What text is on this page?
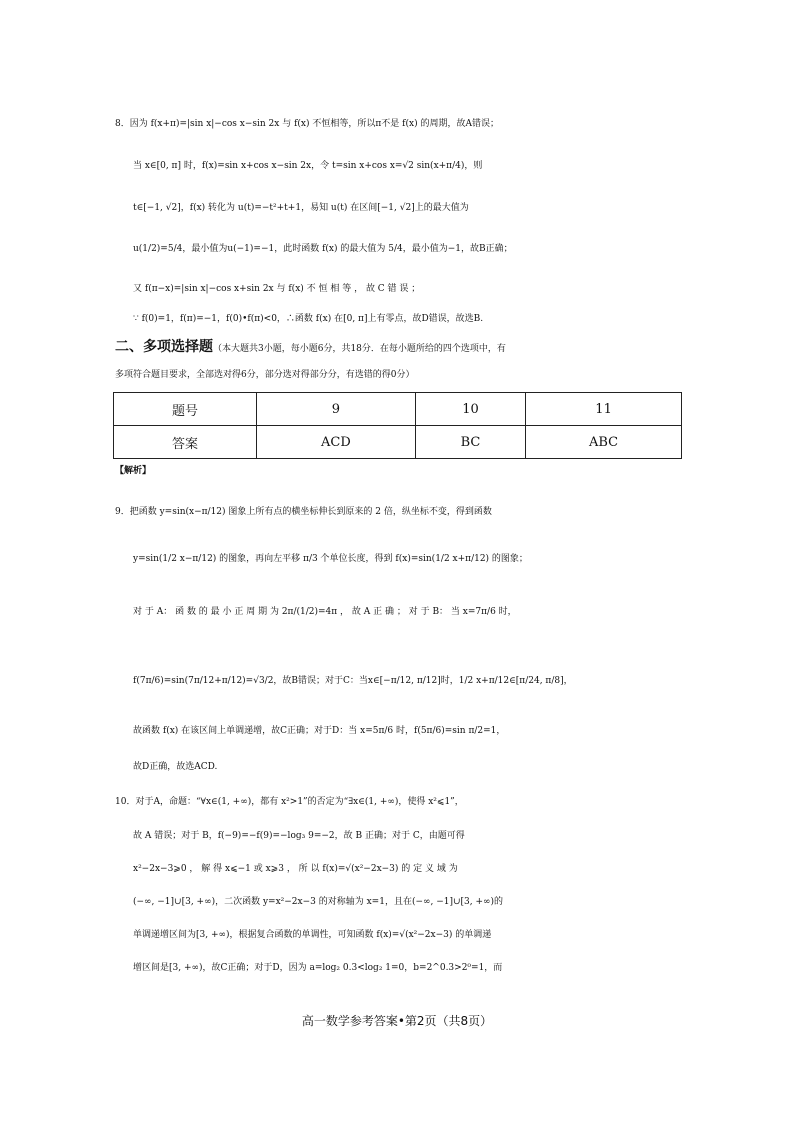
8．因为 f(x+π)=|sin x|−cos x−sin 2x 与 f(x) 不恒相等，所以π不是 f(x) 的周期，故A错误；
当 x∈[0, π] 时，f(x)=sin x+cos x−sin 2x，令 t=sin x+cos x=√2 sin(x+π/4)，则
t∈[−1, √2]，f(x) 转化为 u(t)=−t²+t+1，易知 u(t) 在区间[−1, √2]上的最大值为
u(1/2)=5/4，最小值为u(−1)=−1，此时函数 f(x) 的最大值为 5/4，最小值为−1，故B正确；
又 f(π−x)=|sin x|−cos x+sin 2x 与 f(x) 不 恒 相 等 ， 故 C 错 误 ；
∵ f(0)=1，f(π)=−1，f(0)•f(π)<0，∴函数 f(x) 在[0, π]上有零点，故D错误，故选B.
二、多项选择题（本大题共3小题，每小题6分，共18分．在每小题所给的四个选项中，有
多项符合题目要求，全部选对得6分，部分选对得部分分，有选错的得0分）
题号	9	10	11
答案	ACD	BC	ABC
【解析】
9．把函数 y=sin(x−π/12) 图象上所有点的横坐标伸长到原来的 2 倍，纵坐标不变，得到函数
y=sin(1/2 x−π/12) 的图象，再向左平移 π/3 个单位长度，得到 f(x)=sin(1/2 x+π/12) 的图象；
对 于 A： 函 数 的 最 小 正 周 期 为 2π/(1/2)=4π ， 故 A 正 确 ； 对 于 B： 当 x=7π/6 时，
f(7π/6)=sin(7π/12+π/12)=√3/2，故B错误；对于C：当x∈[−π/12, π/12]时，1/2 x+π/12∈[π/24, π/8]，
故函数 f(x) 在该区间上单调递增，故C正确；对于D：当 x=5π/6 时，f(5π/6)=sin π/2=1，
故D正确，故选ACD.
10．对于A，命题：“∀x∈(1, +∞)，都有 x²>1”的否定为“∃x∈(1, +∞)，使得 x²⩽1”，
故 A 错误；对于 B，f(−9)=−f(9)=−log₃ 9=−2，故 B 正确；对于 C，由题可得
x²−2x−3⩾0 ， 解 得 x⩽−1 或 x⩾3 ， 所 以 f(x)=√(x²−2x−3) 的 定 义 域 为
(−∞, −1]∪[3, +∞)，二次函数 y=x²−2x−3 的对称轴为 x=1，且在(−∞, −1]∪[3, +∞)的
单调递增区间为[3, +∞)，根据复合函数的单调性，可知函数 f(x)=√(x²−2x−3) 的单调递
增区间是[3, +∞)，故C正确；对于D，因为 a=log₂ 0.3<log₂ 1=0，b=2^0.3>2⁰=1，而
高一数学参考答案•第2页（共8页）
